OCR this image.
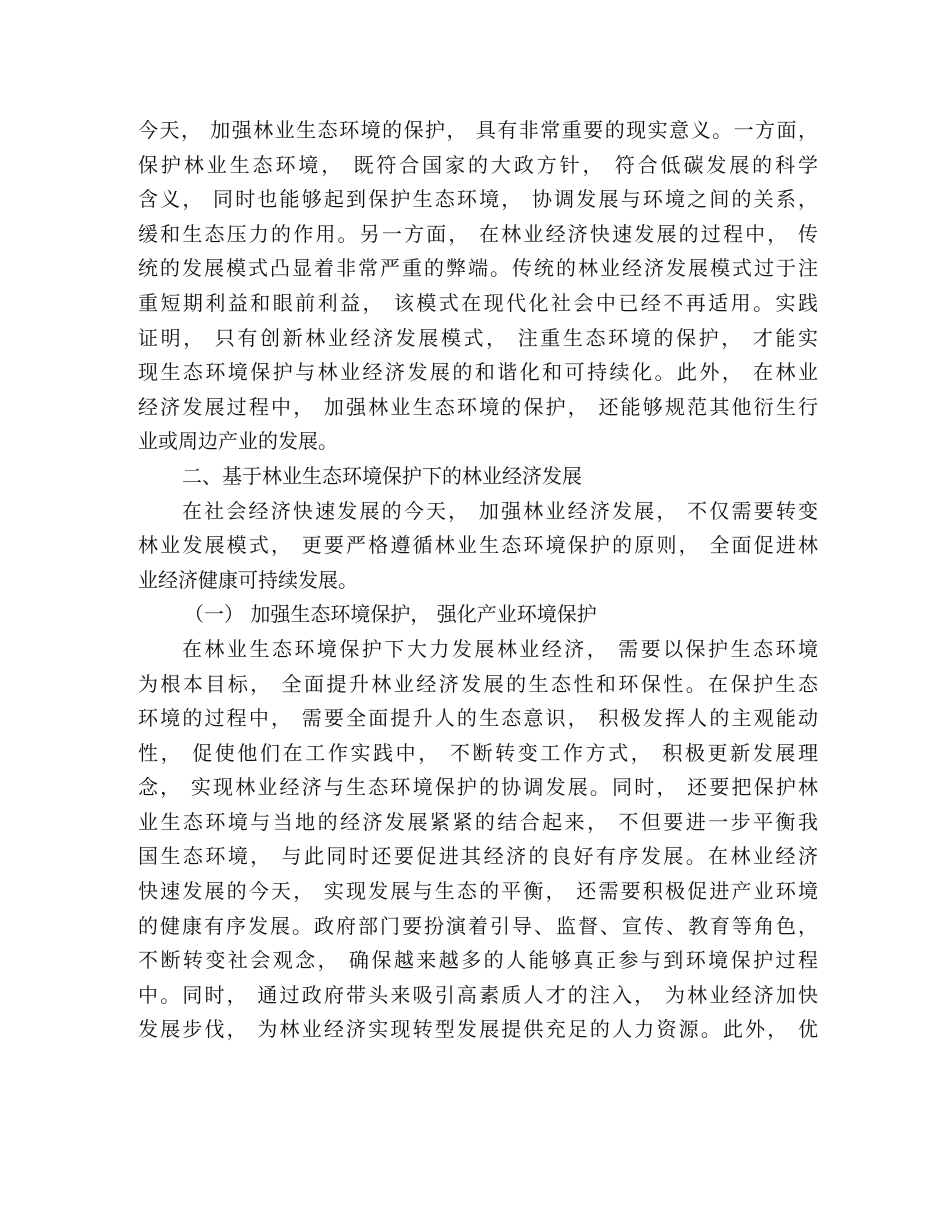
今天， 加强林业生态环境的保护， 具有非常重要的现实意义。一方面，
保护林业生态环境， 既符合国家的大政方针， 符合低碳发展的科学
含义， 同时也能够起到保护生态环境， 协调发展与环境之间的关系，
缓和生态压力的作用。另一方面， 在林业经济快速发展的过程中， 传
统的发展模式凸显着非常严重的弊端。传统的林业经济发展模式过于注
重短期利益和眼前利益， 该模式在现代化社会中已经不再适用。实践
证明， 只有创新林业经济发展模式， 注重生态环境的保护， 才能实
现生态环境保护与林业经济发展的和谐化和可持续化。此外， 在林业
经济发展过程中， 加强林业生态环境的保护， 还能够规范其他衍生行
业或周边产业的发展。
二、基于林业生态环境保护下的林业经济发展
在社会经济快速发展的今天， 加强林业经济发展， 不仅需要转变
林业发展模式， 更要严格遵循林业生态环境保护的原则， 全面促进林
业经济健康可持续发展。
（一） 加强生态环境保护， 强化产业环境保护
在林业生态环境保护下大力发展林业经济， 需要以保护生态环境
为根本目标， 全面提升林业经济发展的生态性和环保性。在保护生态
环境的过程中， 需要全面提升人的生态意识， 积极发挥人的主观能动
性， 促使他们在工作实践中， 不断转变工作方式， 积极更新发展理
念， 实现林业经济与生态环境保护的协调发展。同时， 还要把保护林
业生态环境与当地的经济发展紧紧的结合起来， 不但要进一步平衡我
国生态环境， 与此同时还要促进其经济的良好有序发展。在林业经济
快速发展的今天， 实现发展与生态的平衡， 还需要积极促进产业环境
的健康有序发展。政府部门要扮演着引导、监督、宣传、教育等角色，
不断转变社会观念， 确保越来越多的人能够真正参与到环境保护过程
中。同时， 通过政府带头来吸引高素质人才的注入， 为林业经济加快
发展步伐， 为林业经济实现转型发展提供充足的人力资源。此外， 优
